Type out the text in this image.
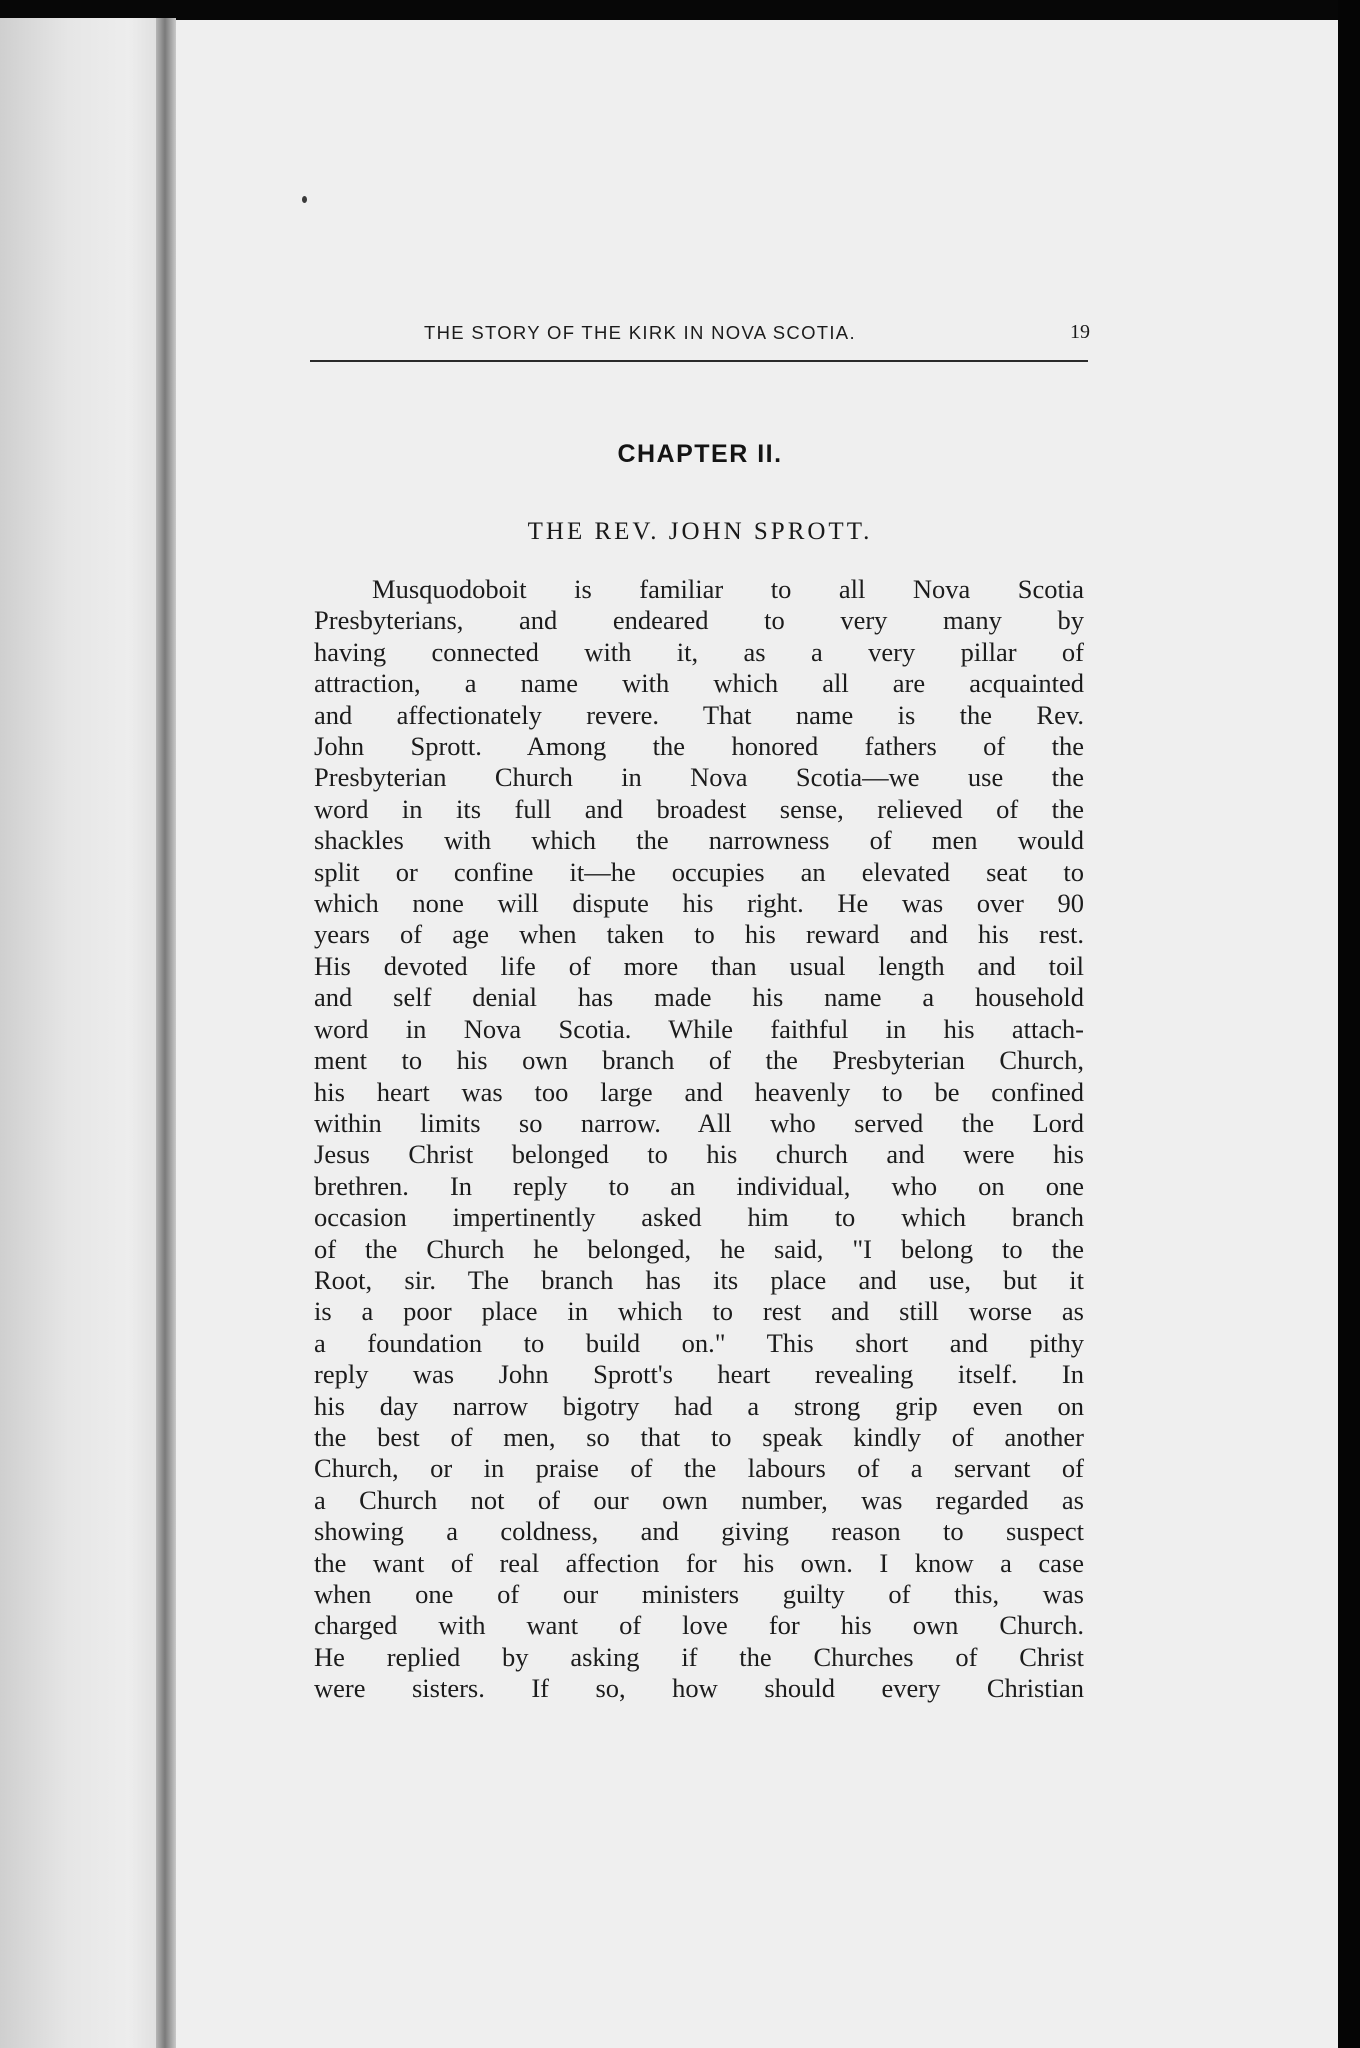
THE STORY OF THE KIRK IN NOVA SCOTIA.	19
CHAPTER II.
THE REV. JOHN SPROTT.
Musquodoboit is familiar to all Nova Scotia
Presbyterians, and endeared to very many by
having connected with it, as a very pillar of
attraction, a name with which all are acquainted
and affectionately revere. That name is the Rev.
John Sprott. Among the honored fathers of the
Presbyterian Church in Nova Scotia—we use the
word in its full and broadest sense, relieved of the
shackles with which the narrowness of men would
split or confine it—he occupies an elevated seat to
which none will dispute his right. He was over 90
years of age when taken to his reward and his rest.
His devoted life of more than usual length and toil
and self denial has made his name a household
word in Nova Scotia. While faithful in his attach-
ment to his own branch of the Presbyterian Church,
his heart was too large and heavenly to be confined
within limits so narrow. All who served the Lord
Jesus Christ belonged to his church and were his
brethren. In reply to an individual, who on one
occasion impertinently asked him to which branch
of the Church he belonged, he said, "I belong to the
Root, sir. The branch has its place and use, but it
is a poor place in which to rest and still worse as
a foundation to build on." This short and pithy
reply was John Sprott's heart revealing itself. In
his day narrow bigotry had a strong grip even on
the best of men, so that to speak kindly of another
Church, or in praise of the labours of a servant of
a Church not of our own number, was regarded as
showing a coldness, and giving reason to suspect
the want of real affection for his own. I know a case
when one of our ministers guilty of this, was
charged with want of love for his own Church.
He replied by asking if the Churches of Christ
were sisters. If so, how should every Christian
